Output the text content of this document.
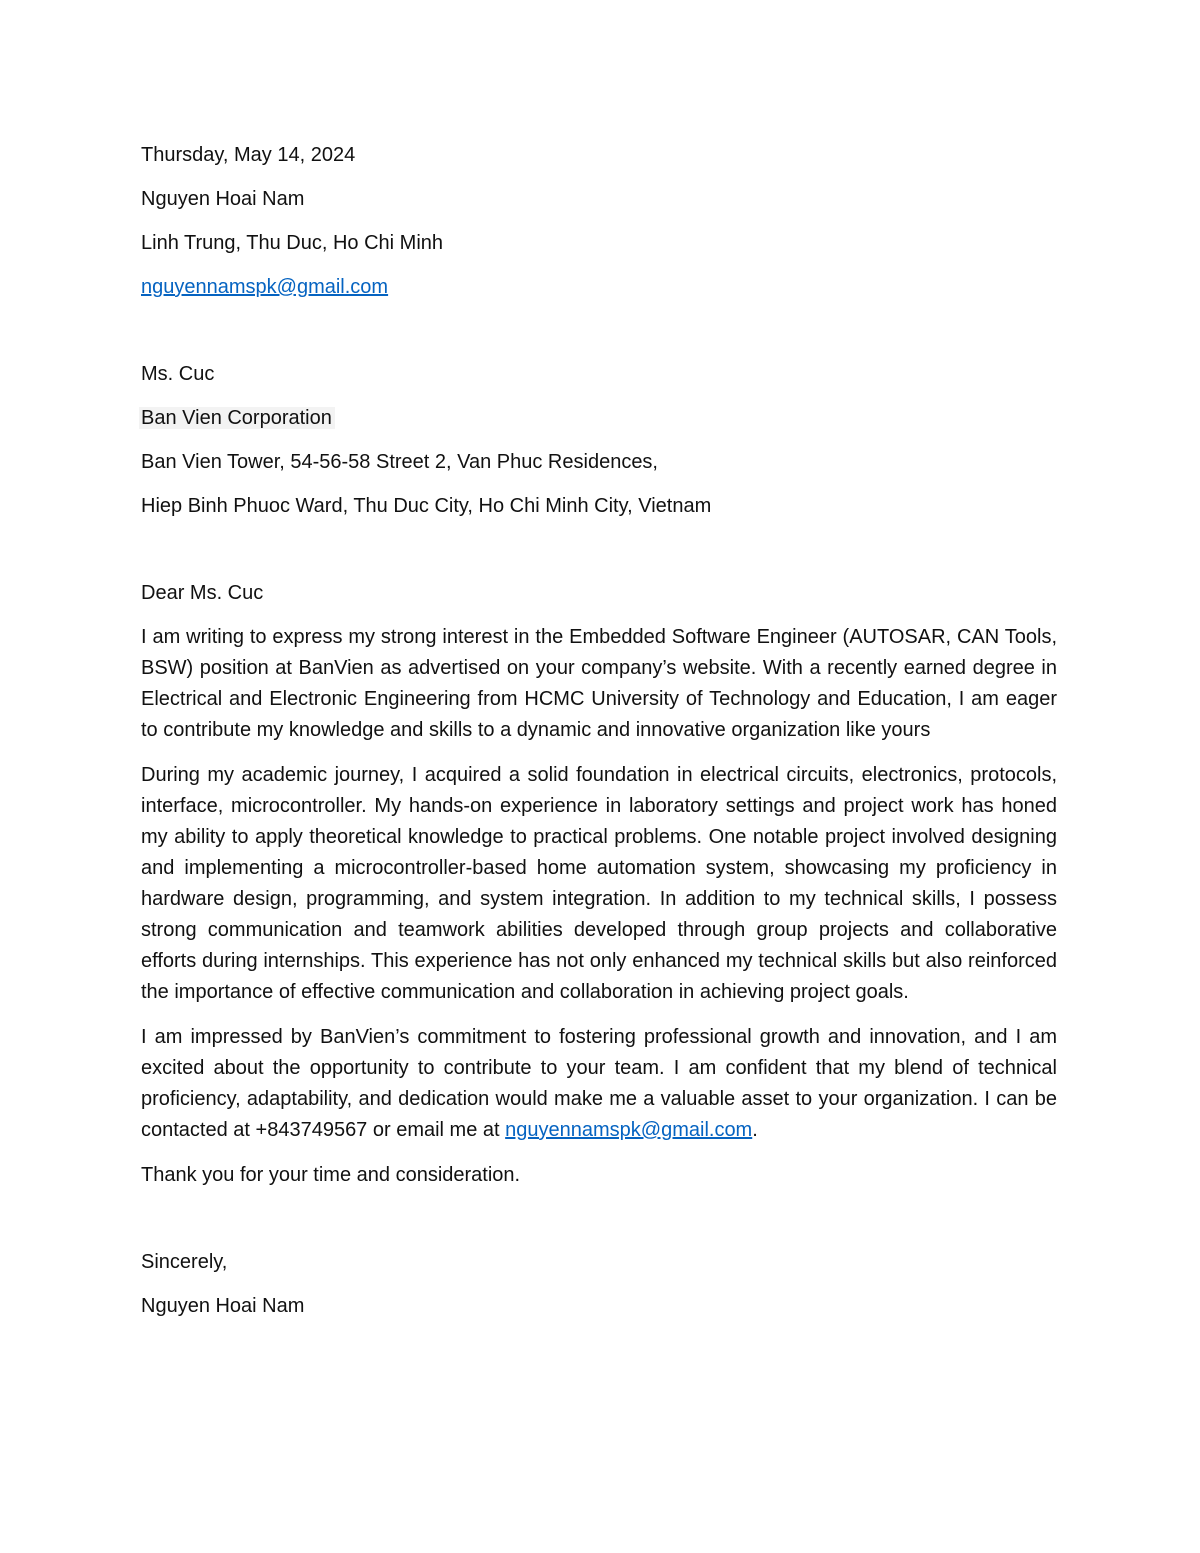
Thursday, May 14, 2024

Nguyen Hoai Nam

Linh Trung, Thu Duc, Ho Chi Minh

nguyennamspk@gmail.com

Ms. Cuc

Ban Vien Corporation

Ban Vien Tower, 54-56-58 Street 2, Van Phuc Residences,

Hiep Binh Phuoc Ward, Thu Duc City, Ho Chi Minh City, Vietnam

Dear Ms. Cuc

I am writing to express my strong interest in the Embedded Software Engineer (AUTOSAR, CAN Tools, BSW) position at BanVien as advertised on your company’s website. With a recently earned degree in Electrical and Electronic Engineering from HCMC University of Technology and Education, I am eager to contribute my knowledge and skills to a dynamic and innovative organization like yours

During my academic journey, I acquired a solid foundation in electrical circuits, electronics, protocols, interface, microcontroller. My hands-on experience in laboratory settings and project work has honed my ability to apply theoretical knowledge to practical problems. One notable project involved designing and implementing a microcontroller-based home automation system, showcasing my proficiency in hardware design, programming, and system integration. In addition to my technical skills, I possess strong communication and teamwork abilities developed through group projects and collaborative efforts during internships. This experience has not only enhanced my technical skills but also reinforced the importance of effective communication and collaboration in achieving project goals.

I am impressed by BanVien’s commitment to fostering professional growth and innovation, and I am excited about the opportunity to contribute to your team. I am confident that my blend of technical proficiency, adaptability, and dedication would make me a valuable asset to your organization. I can be contacted at +843749567 or email me at nguyennamspk@gmail.com.

Thank you for your time and consideration.

Sincerely,

Nguyen Hoai Nam
